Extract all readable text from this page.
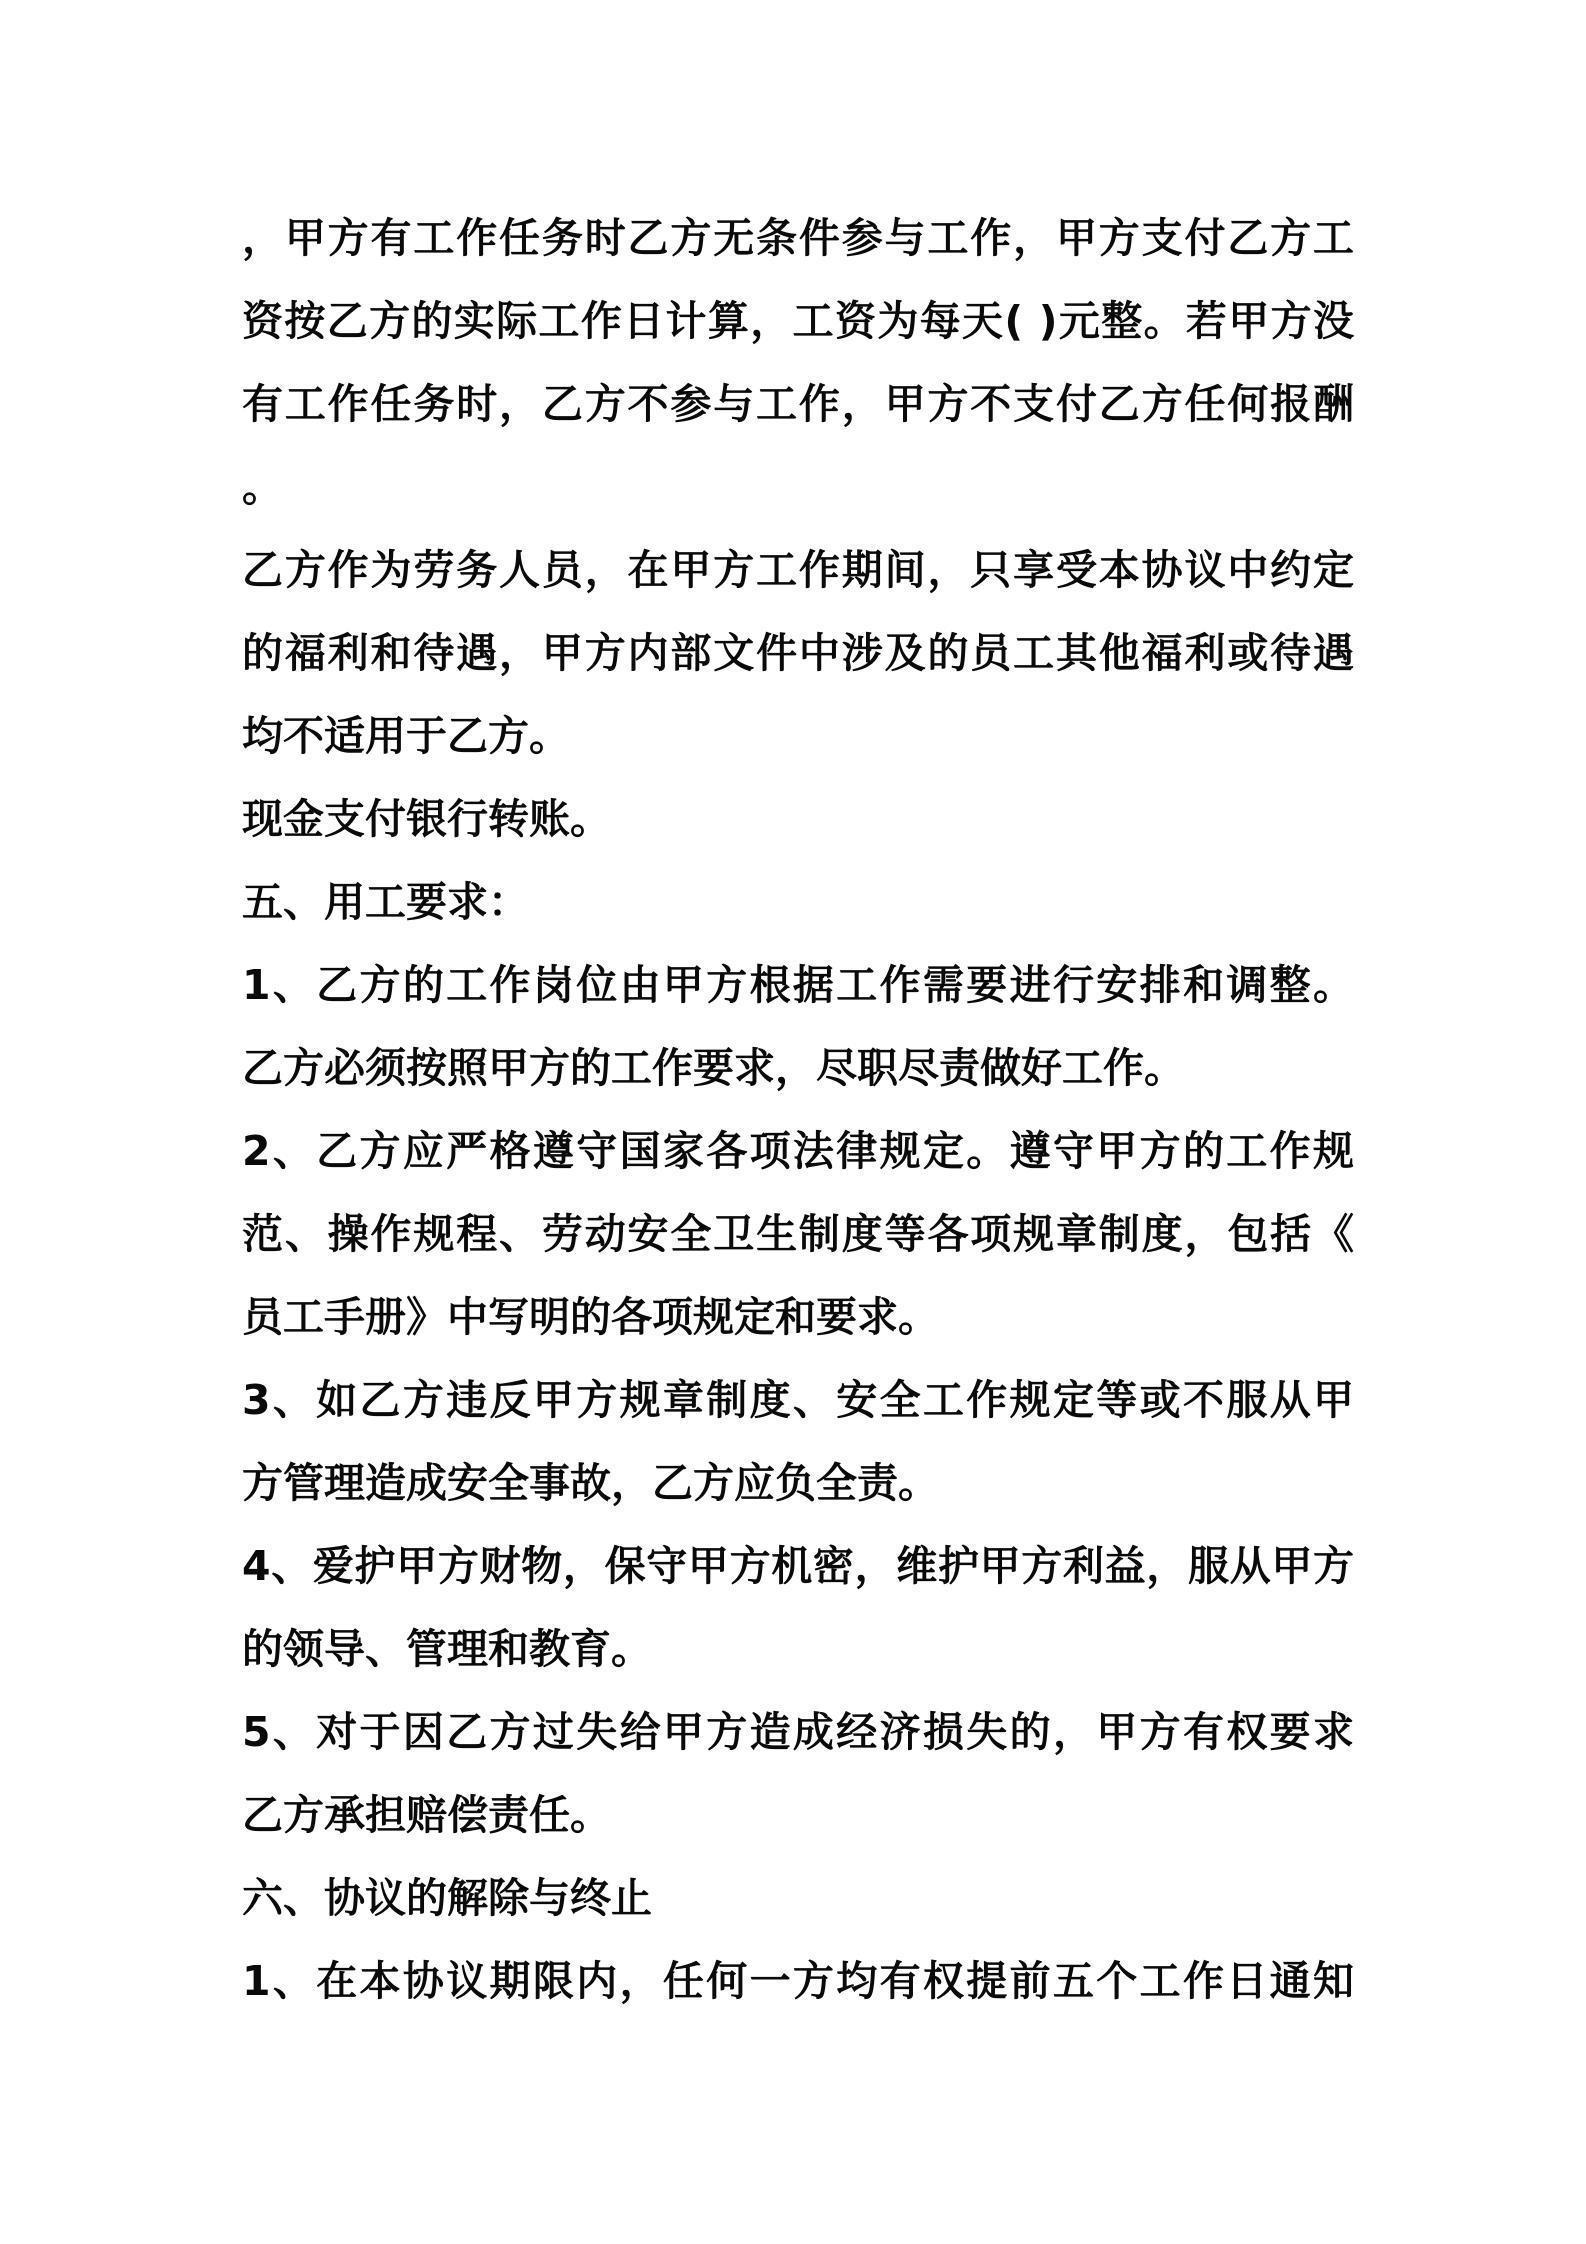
，甲方有工作任务时乙方无条件参与工作，甲方支付乙方工
资按乙方的实际工作日计算，工资为每天( )元整。若甲方没
有工作任务时，乙方不参与工作，甲方不支付乙方任何报酬
。
乙方作为劳务人员，在甲方工作期间，只享受本协议中约定
的福利和待遇，甲方内部文件中涉及的员工其他福利或待遇
均不适用于乙方。
现金支付银行转账。
五、用工要求：
1、乙方的工作岗位由甲方根据工作需要进行安排和调整。
乙方必须按照甲方的工作要求，尽职尽责做好工作。
2、乙方应严格遵守国家各项法律规定。遵守甲方的工作规
范、操作规程、劳动安全卫生制度等各项规章制度，包括《
员工手册》中写明的各项规定和要求。
3、如乙方违反甲方规章制度、安全工作规定等或不服从甲
方管理造成安全事故，乙方应负全责。
4、爱护甲方财物，保守甲方机密，维护甲方利益，服从甲方
的领导、管理和教育。
5、对于因乙方过失给甲方造成经济损失的，甲方有权要求
乙方承担赔偿责任。
六、协议的解除与终止
1、在本协议期限内，任何一方均有权提前五个工作日通知
